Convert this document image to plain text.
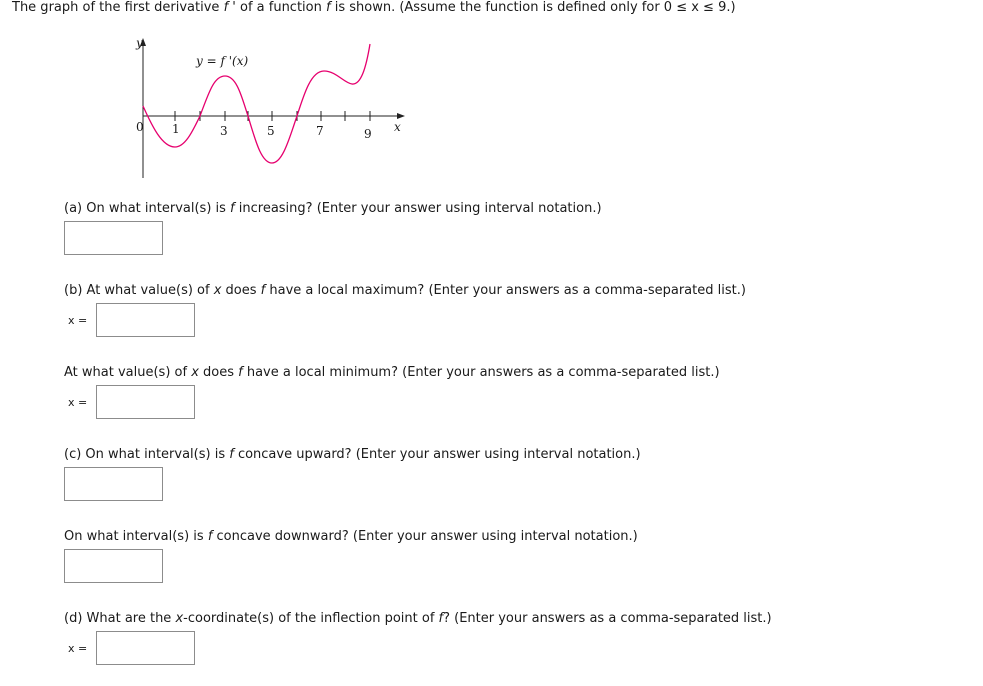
The graph of the first derivative f ' of a function f is shown. (Assume the function is defined only for 0 ≤ x ≤ 9.)
y
x
y = f '(x)
0 1	3	5	7	9
(a) On what interval(s) is f increasing? (Enter your answer using interval notation.)
(b) At what value(s) of x does f have a local maximum? (Enter your answers as a comma-separated list.)
x =
At what value(s) of x does f have a local minimum? (Enter your answers as a comma-separated list.)
x =
(c) On what interval(s) is f concave upward? (Enter your answer using interval notation.)
On what interval(s) is f concave downward? (Enter your answer using interval notation.)
(d) What are the x-coordinate(s) of the inflection point of f? (Enter your answers as a comma-separated list.)
x =
